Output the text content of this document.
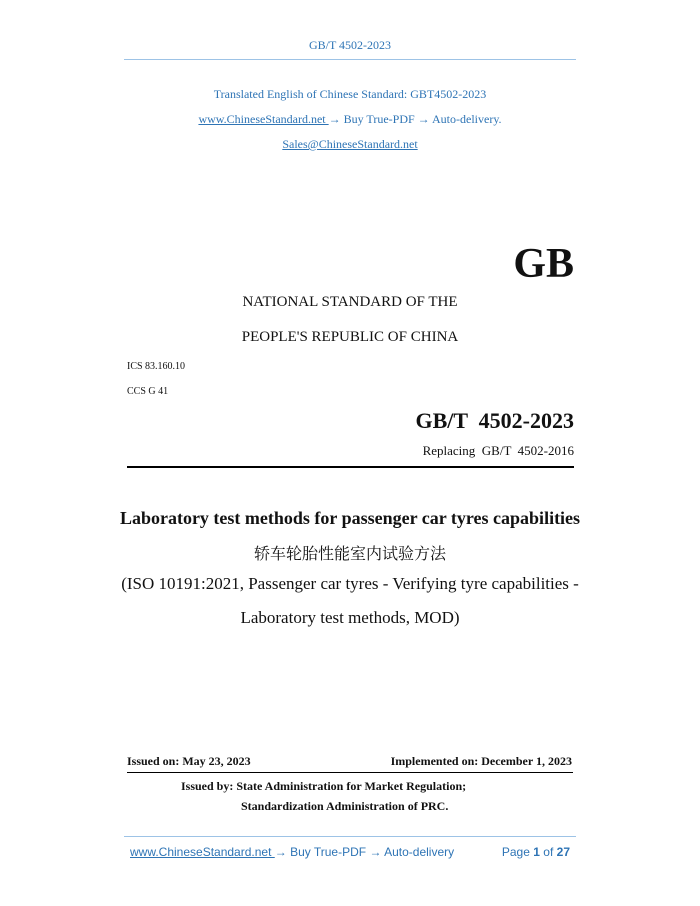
GB/T 4502-2023
Translated English of Chinese Standard: GBT4502-2023
www.ChineseStandard.net → Buy True-PDF → Auto-delivery.
Sales@ChineseStandard.net
GB
NATIONAL STANDARD OF THE
PEOPLE'S REPUBLIC OF CHINA
ICS 83.160.10
CCS G 41
GB/T  4502-2023
Replacing  GB/T  4502-2016
Laboratory test methods for passenger car tyres capabilities
轿车轮胎性能室内试验方法
(ISO 10191:2021, Passenger car tyres - Verifying tyre capabilities -
Laboratory test methods, MOD)
Issued on: May 23, 2023	Implemented on: December 1, 2023
Issued by: State Administration for Market Regulation;
Standardization Administration of PRC.
www.ChineseStandard.net → Buy True-PDF → Auto-delivery	Page 1 of 27
